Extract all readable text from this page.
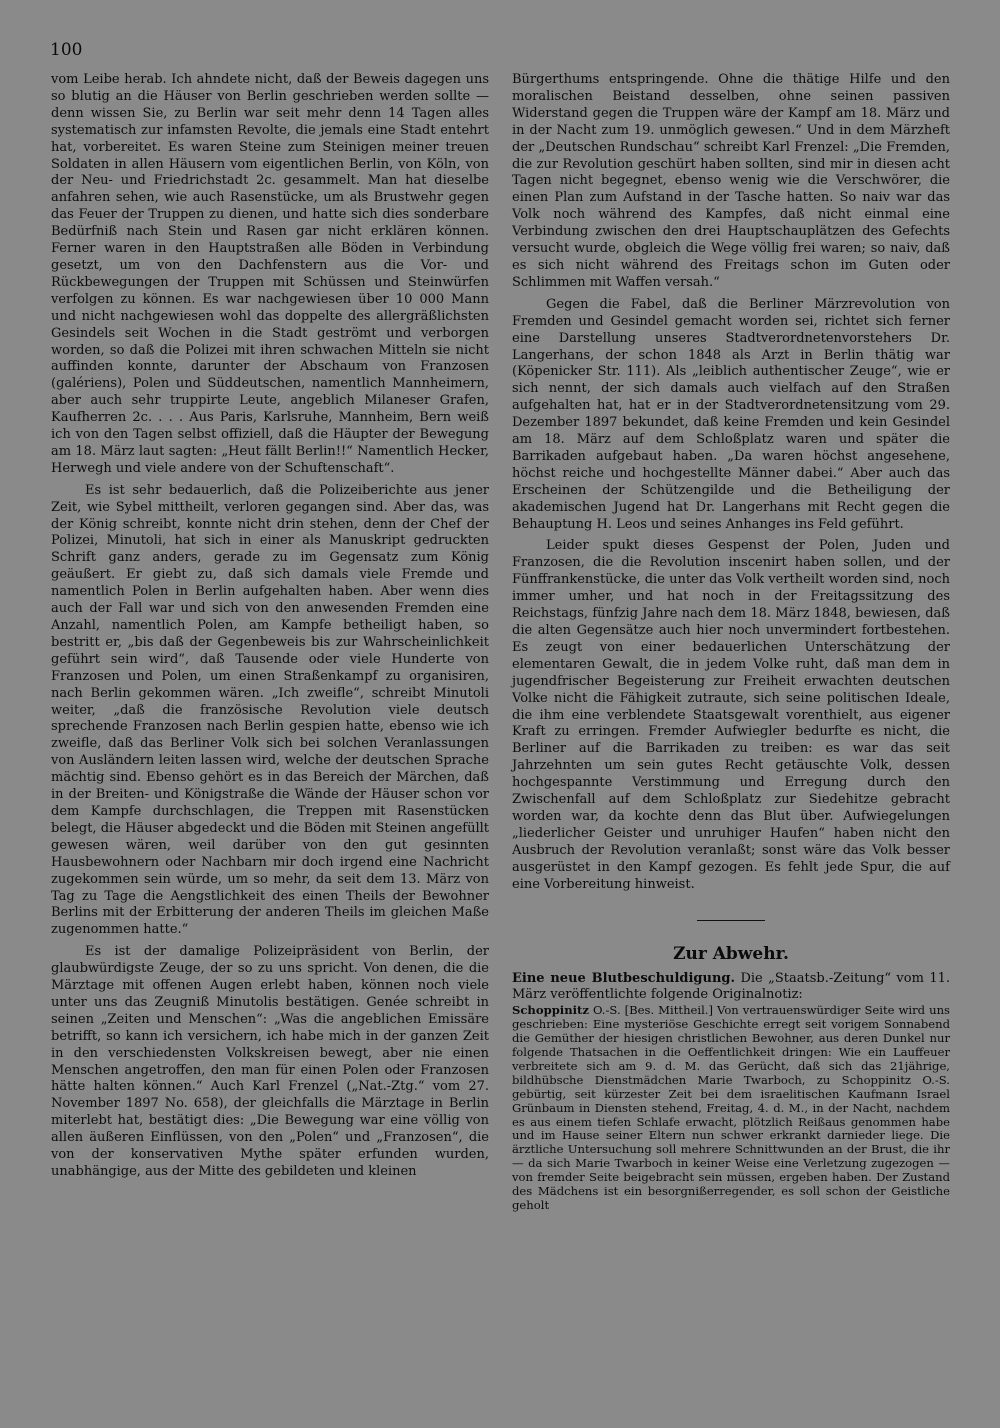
100

vom Leibe herab. Ich ahndete nicht, daß der Beweis dagegen uns so blutig an die Häuser von Berlin geschrieben werden sollte — denn wissen Sie, zu Berlin war seit mehr denn 14 Tagen alles systematisch zur infamsten Revolte, die jemals eine Stadt entehrt hat, vorbereitet. Es waren Steine zum Steinigen meiner treuen Soldaten in allen Häusern vom eigentlichen Berlin, von Köln, von der Neu- und Friedrichstadt 2c. gesammelt. Man hat dieselbe anfahren sehen, wie auch Rasenstücke, um als Brustwehr gegen das Feuer der Truppen zu dienen, und hatte sich dies sonderbare Bedürfniß nach Stein und Rasen gar nicht erklären können. Ferner waren in den Hauptstraßen alle Böden in Verbindung gesetzt, um von den Dachfenstern aus die Vor- und Rückbewegungen der Truppen mit Schüssen und Steinwürfen verfolgen zu können. Es war nachgewiesen über 10 000 Mann und nicht nachgewiesen wohl das doppelte des allergräßlichsten Gesindels seit Wochen in die Stadt geströmt und verborgen worden, so daß die Polizei mit ihren schwachen Mitteln sie nicht auffinden konnte, darunter der Abschaum von Franzosen (galériens), Polen und Süddeutschen, namentlich Mannheimern, aber auch sehr truppirte Leute, angeblich Milaneser Grafen, Kaufherren 2c. . . . Aus Paris, Karlsruhe, Mannheim, Bern weiß ich von den Tagen selbst offiziell, daß die Häupter der Bewegung am 18. März laut sagten: „Heut fällt Berlin!!“ Namentlich Hecker, Herwegh und viele andere von der Schuftenschaft“.

Es ist sehr bedauerlich, daß die Polizeiberichte aus jener Zeit, wie Sybel mittheilt, verloren gegangen sind. Aber das, was der König schreibt, konnte nicht drin stehen, denn der Chef der Polizei, Minutoli, hat sich in einer als Manuskript gedruckten Schrift ganz anders, gerade zu im Gegensatz zum König geäußert. Er giebt zu, daß sich damals viele Fremde und namentlich Polen in Berlin aufgehalten haben. Aber wenn dies auch der Fall war und sich von den anwesenden Fremden eine Anzahl, namentlich Polen, am Kampfe betheiligt haben, so bestritt er, „bis daß der Gegenbeweis bis zur Wahrscheinlichkeit geführt sein wird“, daß Tausende oder viele Hunderte von Franzosen und Polen, um einen Straßenkampf zu organisiren, nach Berlin gekommen wären. „Ich zweifle“, schreibt Minutoli weiter, „daß die französische Revolution viele deutsch sprechende Franzosen nach Berlin gespien hatte, ebenso wie ich zweifle, daß das Berliner Volk sich bei solchen Veranlassungen von Ausländern leiten lassen wird, welche der deutschen Sprache mächtig sind. Ebenso gehört es in das Bereich der Märchen, daß in der Breiten- und Königstraße die Wände der Häuser schon vor dem Kampfe durchschlagen, die Treppen mit Rasenstücken belegt, die Häuser abgedeckt und die Böden mit Steinen angefüllt gewesen wären, weil darüber von den gut gesinnten Hausbewohnern oder Nachbarn mir doch irgend eine Nachricht zugekommen sein würde, um so mehr, da seit dem 13. März von Tag zu Tage die Aengstlichkeit des einen Theils der Bewohner Berlins mit der Erbitterung der anderen Theils im gleichen Maße zugenommen hatte.“

Es ist der damalige Polizeipräsident von Berlin, der glaubwürdigste Zeuge, der so zu uns spricht. Von denen, die die Märztage mit offenen Augen erlebt haben, können noch viele unter uns das Zeugniß Minutolis bestätigen. Genée schreibt in seinen „Zeiten und Menschen“: „Was die angeblichen Emissäre betrifft, so kann ich versichern, ich habe mich in der ganzen Zeit in den verschiedensten Volkskreisen bewegt, aber nie einen Menschen angetroffen, den man für einen Polen oder Franzosen hätte halten können.“ Auch Karl Frenzel („Nat.-Ztg.“ vom 27. November 1897 No. 658), der gleichfalls die Märztage in Berlin miterlebt hat, bestätigt dies: „Die Bewegung war eine völlig von allen äußeren Einflüssen, von den „Polen“ und „Franzosen“, die von der konservativen Mythe später erfunden wurden, unabhängige, aus der Mitte des gebildeten und kleinen

Bürgerthums entspringende. Ohne die thätige Hilfe und den moralischen Beistand desselben, ohne seinen passiven Widerstand gegen die Truppen wäre der Kampf am 18. März und in der Nacht zum 19. unmöglich gewesen.“ Und in dem Märzheft der „Deutschen Rundschau“ schreibt Karl Frenzel: „Die Fremden, die zur Revolution geschürt haben sollten, sind mir in diesen acht Tagen nicht begegnet, ebenso wenig wie die Verschwörer, die einen Plan zum Aufstand in der Tasche hatten. So naiv war das Volk noch während des Kampfes, daß nicht einmal eine Verbindung zwischen den drei Hauptschauplätzen des Gefechts versucht wurde, obgleich die Wege völlig frei waren; so naiv, daß es sich nicht während des Freitags schon im Guten oder Schlimmen mit Waffen versah.“

Gegen die Fabel, daß die Berliner Märzrevolution von Fremden und Gesindel gemacht worden sei, richtet sich ferner eine Darstellung unseres Stadtverordnetenvorstehers Dr. Langerhans, der schon 1848 als Arzt in Berlin thätig war (Köpenicker Str. 111). Als „leiblich authentischer Zeuge“, wie er sich nennt, der sich damals auch vielfach auf den Straßen aufgehalten hat, hat er in der Stadtverordnetensitzung vom 29. Dezember 1897 bekundet, daß keine Fremden und kein Gesindel am 18. März auf dem Schloßplatz waren und später die Barrikaden aufgebaut haben. „Da waren höchst angesehene, höchst reiche und hochgestellte Männer dabei.“ Aber auch das Erscheinen der Schützengilde und die Betheiligung der akademischen Jugend hat Dr. Langerhans mit Recht gegen die Behauptung H. Leos und seines Anhanges ins Feld geführt.

Leider spukt dieses Gespenst der Polen, Juden und Franzosen, die die Revolution inscenirt haben sollen, und der Fünffrankenstücke, die unter das Volk vertheilt worden sind, noch immer umher, und hat noch in der Freitagssitzung des Reichstags, fünfzig Jahre nach dem 18. März 1848, bewiesen, daß die alten Gegensätze auch hier noch unvermindert fortbestehen. Es zeugt von einer bedauerlichen Unterschätzung der elementaren Gewalt, die in jedem Volke ruht, daß man dem in jugendfrischer Begeisterung zur Freiheit erwachten deutschen Volke nicht die Fähigkeit zutraute, sich seine politischen Ideale, die ihm eine verblendete Staatsgewalt vorenthielt, aus eigener Kraft zu erringen. Fremder Aufwiegler bedurfte es nicht, die Berliner auf die Barrikaden zu treiben: es war das seit Jahrzehnten um sein gutes Recht getäuschte Volk, dessen hochgespannte Verstimmung und Erregung durch den Zwischenfall auf dem Schloßplatz zur Siedehitze gebracht worden war, da kochte denn das Blut über. Aufwiegelungen „liederlicher Geister und unruhiger Haufen“ haben nicht den Ausbruch der Revolution veranlaßt; sonst wäre das Volk besser ausgerüstet in den Kampf gezogen. Es fehlt jede Spur, die auf eine Vorbereitung hinweist.

Zur Abwehr.

Eine neue Blutbeschuldigung. Die „Staatsb.-Zeitung“ vom 11. März veröffentlichte folgende Originalnotiz:

Schoppinitz O.-S. [Bes. Mittheil.] Von vertrauenswürdiger Seite wird uns geschrieben: Eine mysteriöse Geschichte erregt seit vorigem Sonnabend die Gemüther der hiesigen christlichen Bewohner, aus deren Dunkel nur folgende Thatsachen in die Oeffentlichkeit dringen: Wie ein Lauffeuer verbreitete sich am 9. d. M. das Gerücht, daß sich das 21jährige, bildhübsche Dienstmädchen Marie Twarboch, zu Schoppinitz O.-S. gebürtig, seit kürzester Zeit bei dem israelitischen Kaufmann Israel Grünbaum in Diensten stehend, Freitag, 4. d. M., in der Nacht, nachdem es aus einem tiefen Schlafe erwacht, plötzlich Reißaus genommen habe und im Hause seiner Eltern nun schwer erkrankt darnieder liege. Die ärztliche Untersuchung soll mehrere Schnittwunden an der Brust, die ihr — da sich Marie Twarboch in keiner Weise eine Verletzung zugezogen — von fremder Seite beigebracht sein müssen, ergeben haben. Der Zustand des Mädchens ist ein besorgnißerregender, es soll schon der Geistliche geholt
